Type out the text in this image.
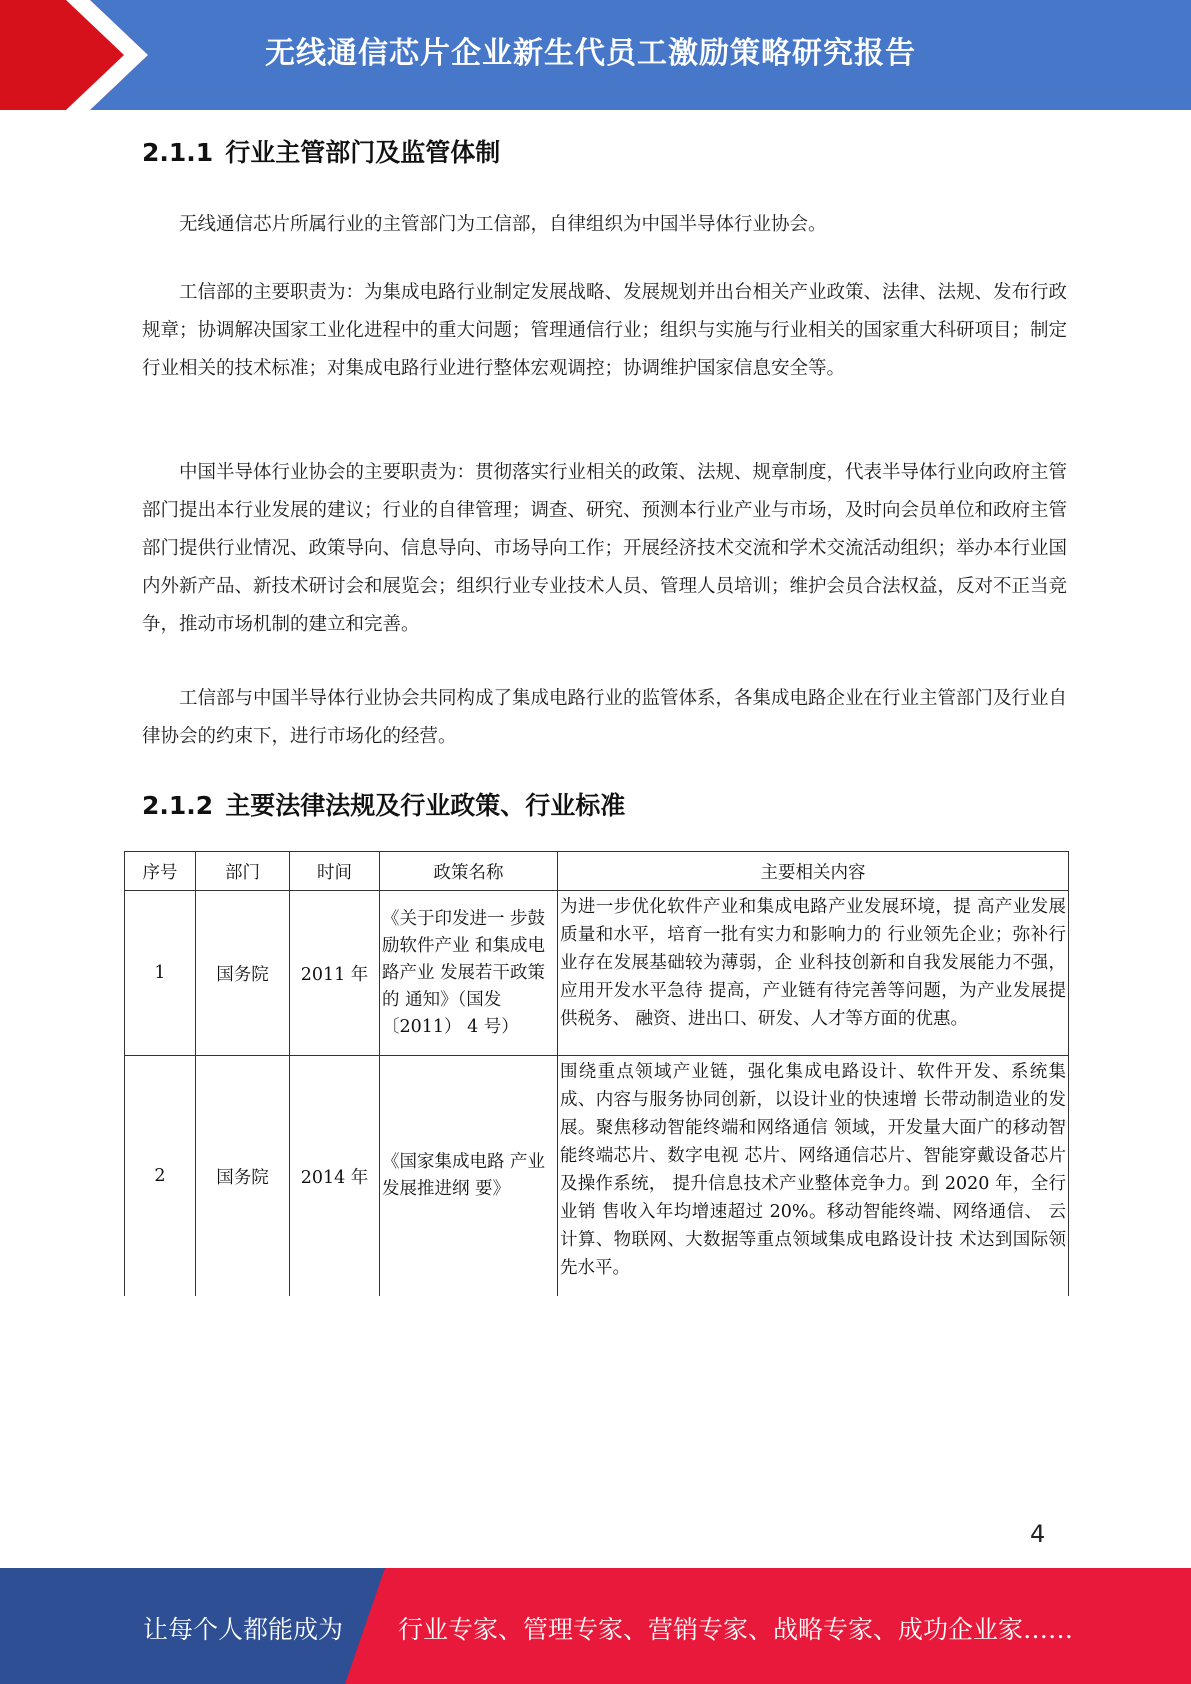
无线通信芯片企业新生代员工激励策略研究报告
2.1.1 行业主管部门及监管体制
无线通信芯片所属行业的主管部门为工信部，自律组织为中国半导体行业协会。
工信部的主要职责为：为集成电路行业制定发展战略、发展规划并出台相关产业政策、法律、法规、发布行政规章；协调解决国家工业化进程中的重大问题；管理通信行业；组织与实施与行业相关的国家重大科研项目；制定行业相关的技术标准；对集成电路行业进行整体宏观调控；协调维护国家信息安全等。
中国半导体行业协会的主要职责为：贯彻落实行业相关的政策、法规、规章制度，代表半导体行业向政府主管部门提出本行业发展的建议；行业的自律管理；调查、研究、预测本行业产业与市场，及时向会员单位和政府主管部门提供行业情况、政策导向、信息导向、市场导向工作；开展经济技术交流和学术交流活动组织；举办本行业国内外新产品、新技术研讨会和展览会；组织行业专业技术人员、管理人员培训；维护会员合法权益，反对不正当竞争，推动市场机制的建立和完善。
工信部与中国半导体行业协会共同构成了集成电路行业的监管体系，各集成电路企业在行业主管部门及行业自律协会的约束下，进行市场化的经营。
2.1.2 主要法律法规及行业政策、行业标准
序号	部门	时间	政策名称	主要相关内容
1	国务院	2011 年	《关于印发进一 步鼓励软件产业 和集成电路产业 发展若干政策的 通知》（国发〔2011） 4 号）	为进一步优化软件产业和集成电路产业发展环境，提 高产业发展质量和水平，培育一批有实力和影响力的 行业领先企业；弥补行业存在发展基础较为薄弱，企 业科技创新和自我发展能力不强，应用开发水平急待 提高，产业链有待完善等问题，为产业发展提供税务、 融资、进出口、研发、人才等方面的优惠。
2	国务院	2014 年	《国家集成电路 产业发展推进纲 要》	围绕重点领域产业链，强化集成电路设计、软件开发、系统集成、内容与服务协同创新，以设计业的快速增 长带动制造业的发展。聚焦移动智能终端和网络通信 领域，开发量大面广的移动智能终端芯片、数字电视 芯片、网络通信芯片、智能穿戴设备芯片及操作系统， 提升信息技术产业整体竞争力。到 2020 年，全行业销 售收入年均增速超过 20%。移动智能终端、网络通信、 云计算、物联网、大数据等重点领域集成电路设计技 术达到国际领先水平。
4
让每个人都能成为 行业专家、管理专家、营销专家、战略专家、成功企业家……
